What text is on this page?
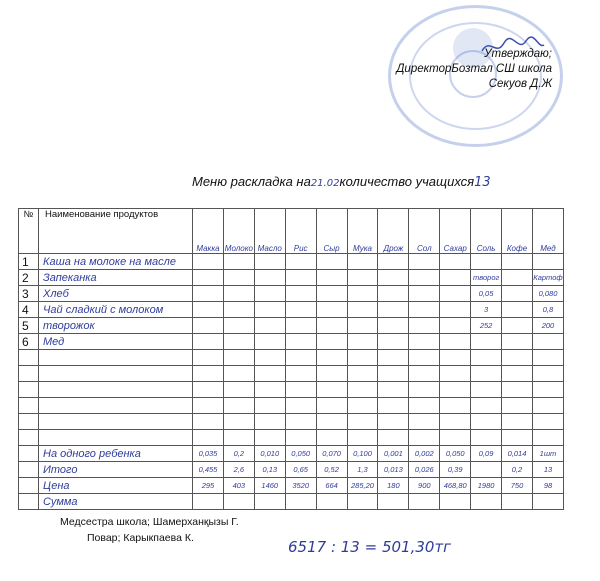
Утверждаю;
ДиректорБозтал СШ школа
Секуов Д.Ж
Меню раскладка на21.02количество учащихся13
№	Наименование продуктов	Макка	Молоко	Масло	Рис	Сыр	Мука	Дрож	Сол	Сахар	Соль	Кофе	Мед
1	Каша на молоке на масле												
2	Запеканка										творог		Картоф
3	Хлеб										0,05		0,080
4	Чай сладкий с молоком										3		0,8
5	творожок										252		200
6	Мед												

	На одного ребенка	0,035	0,2	0,010	0,050	0,070	0,100	0,001	0,002	0,050	0,09	0,014	1шт
	Итого	0,455	2,6	0,13	0,65	0,52	1,3	0,013	0,026	0,39		0,2	13
	Цена	295	403	1460	3520	664	285,20	180	900	468,80	1980	750	98
	Сумма												
Медсестра школа; Шамерханқызы Г.
Повар; Карыкпаева К.	6517 : 13 = 501,30тг
